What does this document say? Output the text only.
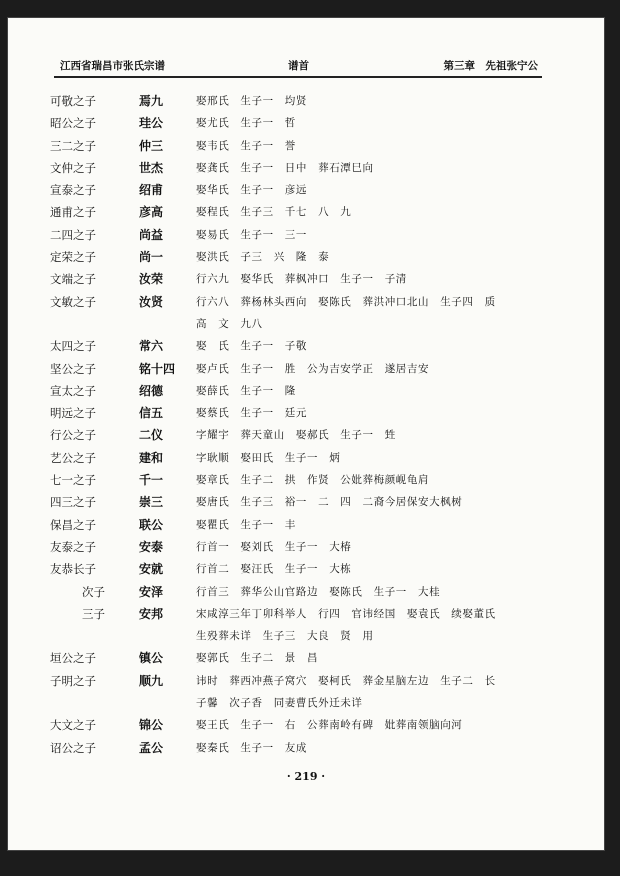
江西省瑞昌市张氏宗谱	谱首	第三章　先祖张宁公
可敬之子	焉九	娶邢氏　生子一　均贤
昭公之子	珪公	娶尤氏　生子一　哲
三二之子	仲三	娶韦氏　生子一　誉
文仲之子	世杰	娶龚氏　生子一　日中　葬石潭巳向
宣泰之子	绍甫	娶华氏　生子一　彦远
通甫之子	彦高	娶程氏　生子三　千七　八　九
二四之子	尚益	娶易氏　生子一　三一
定荣之子	尚一	娶洪氏　子三　兴　隆　泰
文端之子	汝荣	行六九　娶华氏　葬枫冲口　生子一　子清
文敏之子	汝贤	行六八　葬杨林头西向　娶陈氏　葬洪冲口北山　生子四　质
高　文　九八
太四之子	常六	娶　氏　生子一　子敬
坚公之子	铭十四	娶卢氏　生子一　胜　公为吉安学正　遂居吉安
宣太之子	绍德	娶薛氏　生子一　隆
明远之子	信五	娶蔡氏　生子一　廷元
行公之子	二仪	字耀宇　葬天童山　娶郝氏　生子一　甡
艺公之子	建和	字耿顺　娶田氏　生子一　炳
七一之子	千一	娶章氏　生子二　拱　作贤　公妣葬梅颜岘龟肩
四三之子	崇三	娶唐氏　生子三　裕一　二　四　二裔今居保安大枫树
保昌之子	联公	娶瞿氏　生子一　丰
友泰之子	安泰	行首一　娶刘氏　生子一　大椿
友恭长子	安就	行首二　娶汪氏　生子一　大栋
次子	安泽	行首三　葬华公山官路边　娶陈氏　生子一　大桂
三子	安邦	宋咸淳三年丁卯科举人　行四　官讳经国　娶袁氏　续娶董氏
生殁葬未详　生子三　大良　贤　用
垣公之子	镇公	娶郭氏　生子二　景　昌
子明之子	顺九	讳时　葬西冲燕子窝穴　娶柯氏　葬金星脑左边　生子二　长
子馨　次子香　同妻曹氏外迁未详
大文之子	锦公	娶王氏　生子一　右　公葬南岭有碑　妣葬南领脑向河
诏公之子	孟公	娶秦氏　生子一　友成
· 219 ·
